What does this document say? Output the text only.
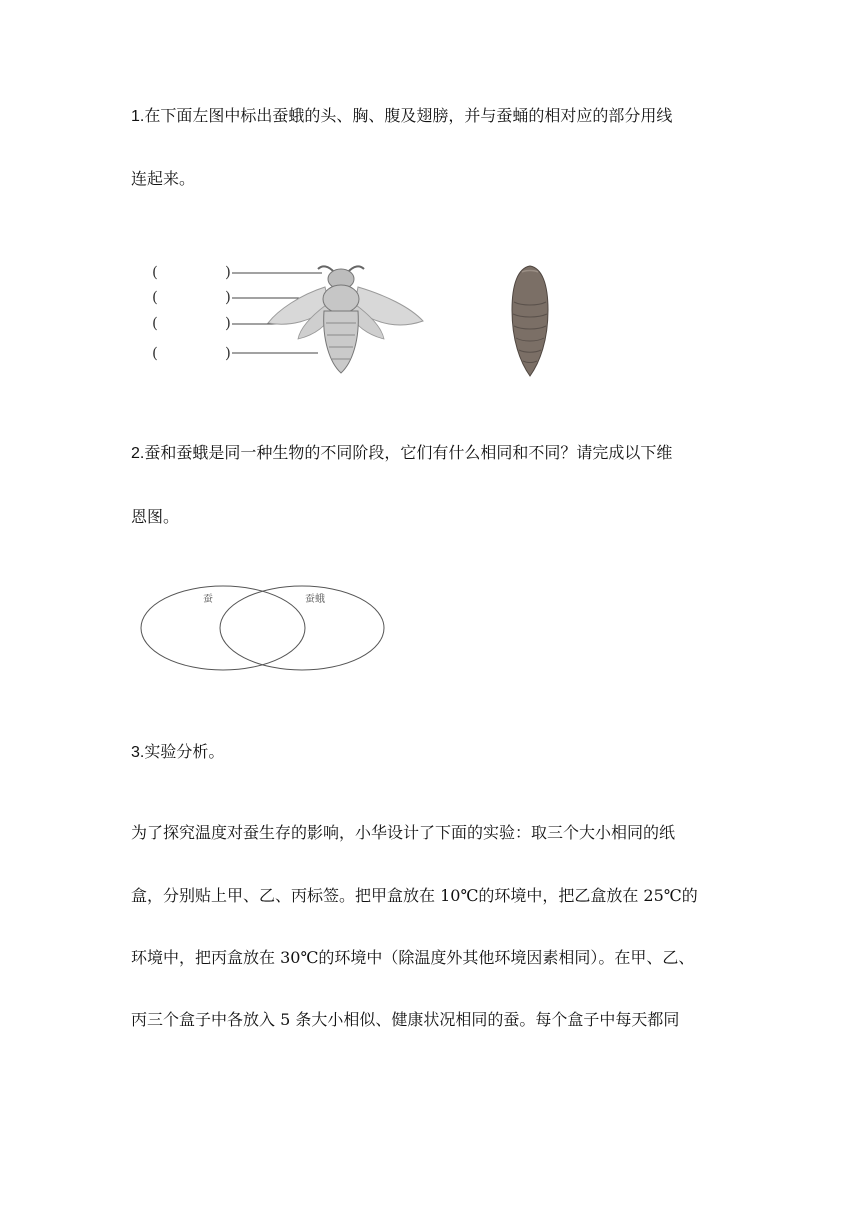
1.在下面左图中标出蚕蛾的头、胸、腹及翅膀，并与蚕蛹的相对应的部分用线

连起来。

(	)
(	)
(	)
(	)

2.蚕和蚕蛾是同一种生物的不同阶段，它们有什么相同和不同？请完成以下维

恩图。

蚕	蚕蛾

3.实验分析。

为了探究温度对蚕生存的影响，小华设计了下面的实验：取三个大小相同的纸

盒，分别贴上甲、乙、丙标签。把甲盒放在 10℃的环境中，把乙盒放在 25℃的

环境中，把丙盒放在 30℃的环境中（除温度外其他环境因素相同）。在甲、乙、

丙三个盒子中各放入 5 条大小相似、健康状况相同的蚕。每个盒子中每天都同
